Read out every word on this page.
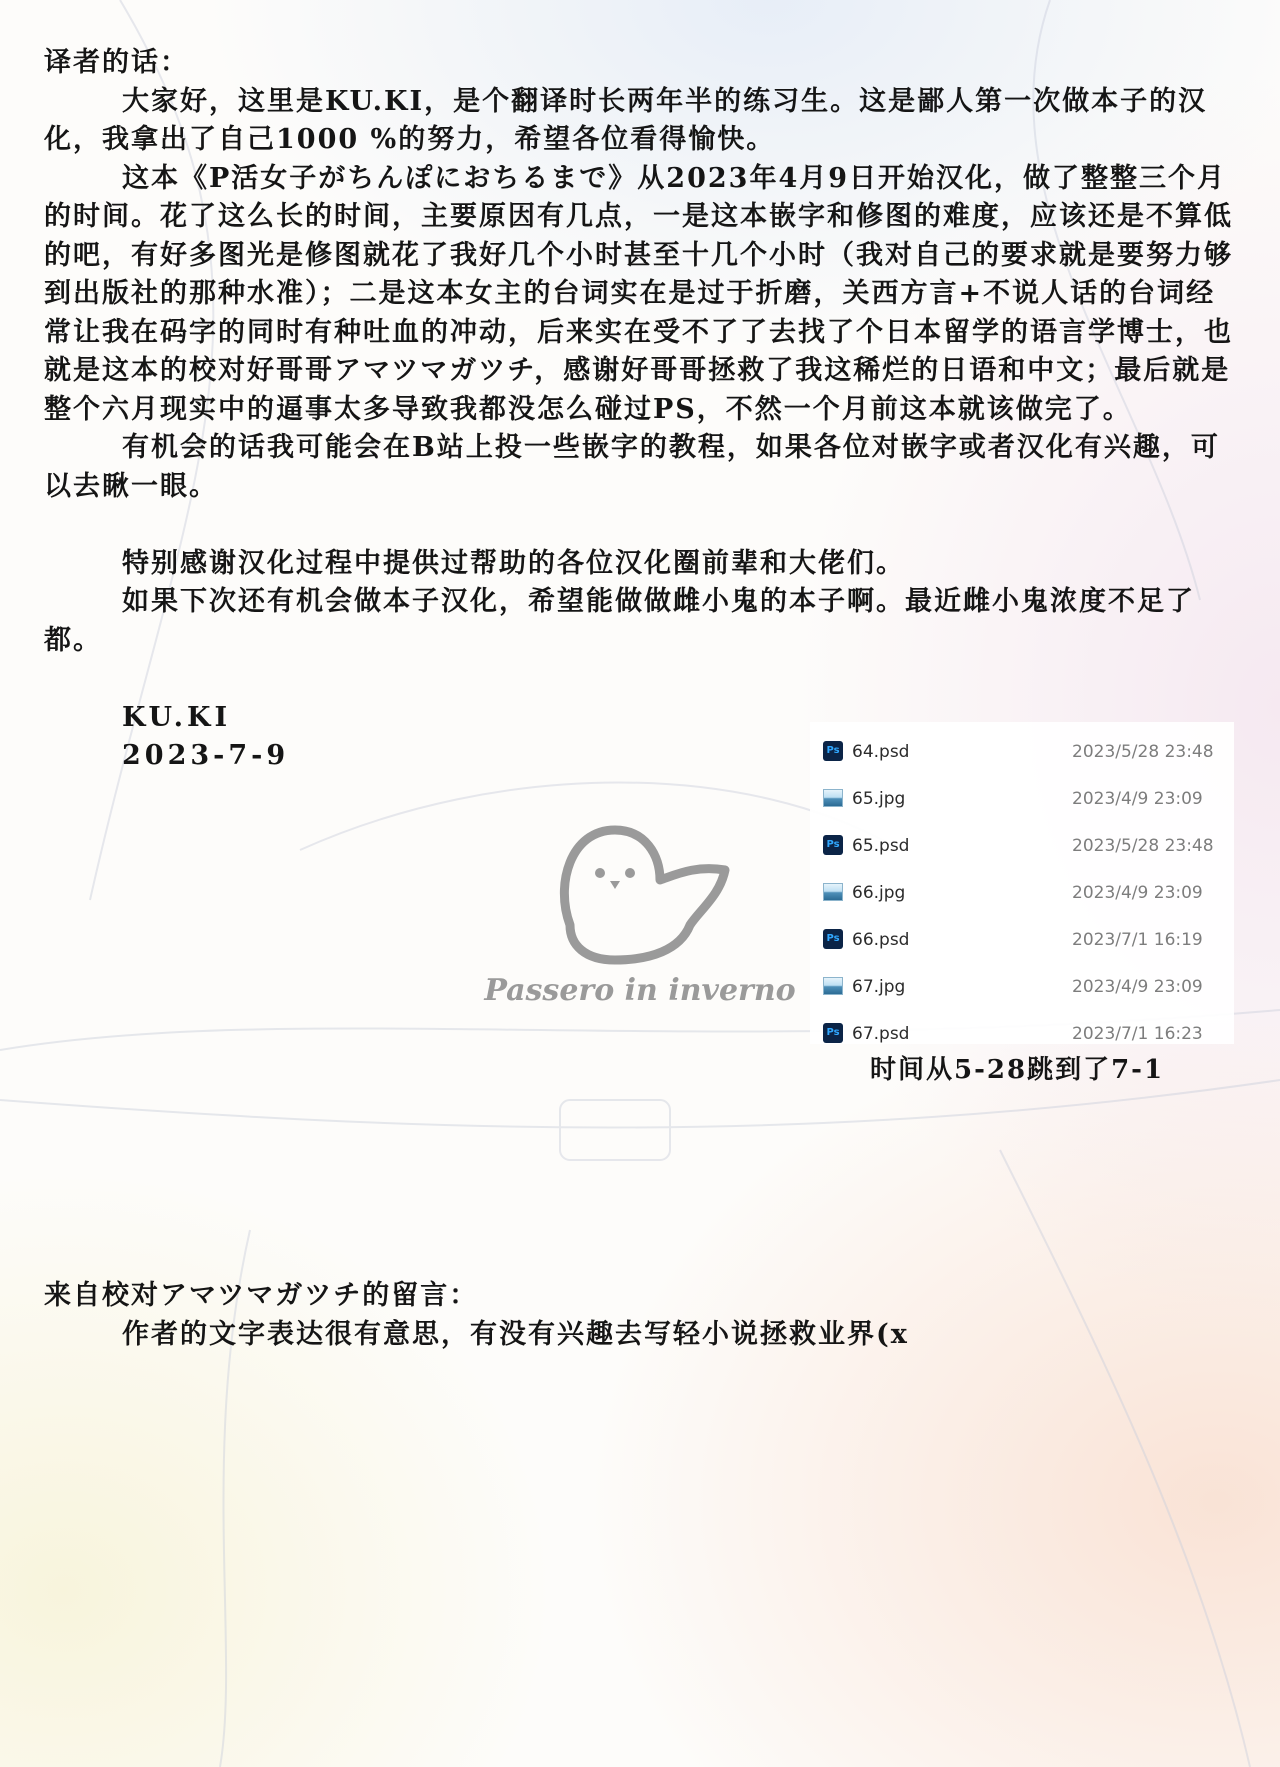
译者的话：

大家好，这里是KU.KI，是个翻译时长两年半的练习生。这是鄙人第一次做本子的汉化，我拿出了自己1000 %的努力，希望各位看得愉快。

这本《P活女子がちんぽにおちるまで》从2023年4月9日开始汉化，做了整整三个月的时间。花了这么长的时间，主要原因有几点，一是这本嵌字和修图的难度，应该还是不算低的吧，有好多图光是修图就花了我好几个小时甚至十几个小时（我对自己的要求就是要努力够到出版社的那种水准）；二是这本女主的台词实在是过于折磨，关西方言+不说人话的台词经常让我在码字的同时有种吐血的冲动，后来实在受不了了去找了个日本留学的语言学博士，也就是这本的校对好哥哥アマツマガツチ，感谢好哥哥拯救了我这稀烂的日语和中文；最后就是整个六月现实中的逼事太多导致我都没怎么碰过PS，不然一个月前这本就该做完了。

有机会的话我可能会在B站上投一些嵌字的教程，如果各位对嵌字或者汉化有兴趣，可以去瞅一眼。

特别感谢汉化过程中提供过帮助的各位汉化圈前辈和大佬们。

如果下次还有机会做本子汉化，希望能做做雌小鬼的本子啊。最近雌小鬼浓度不足了都。

KU.KI

2023-7-9

Passero in inverno
Ps 64.psd	2023/5/28 23:48
65.jpg	2023/4/9 23:09
Ps 65.psd	2023/5/28 23:48
66.jpg	2023/4/9 23:09
Ps 66.psd	2023/7/1 16:19
67.jpg	2023/4/9 23:09
Ps 67.psd	2023/7/1 16:23
时间从5-28跳到了7-1

来自校对アマツマガツチ的留言：

作者的文字表达很有意思，有没有兴趣去写轻小说拯救业界(x
